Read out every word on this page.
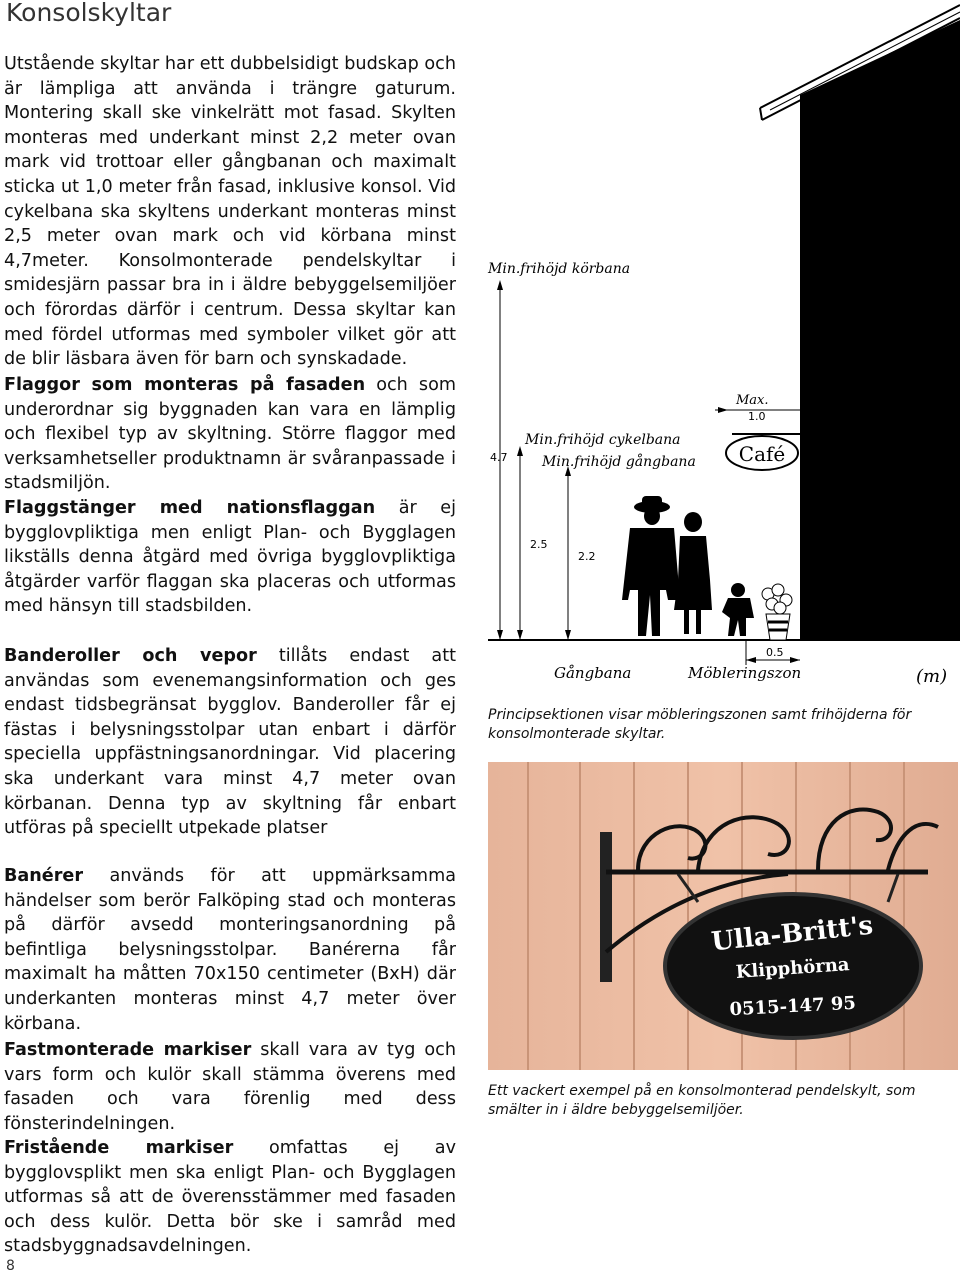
Konsolskyltar
Utstående skyltar har ett dubbelsidigt budskap och är lämpliga att använda i trängre gaturum. Montering skall ske vinkelrätt mot fasad. Skylten monteras med underkant minst 2,2 meter ovan mark vid trottoar eller gångbanan och maximalt sticka ut 1,0 meter från fasad, inklusive konsol. Vid cykelbana ska skyltens underkant monteras minst 2,5 meter ovan mark och vid körbana minst 4,7meter. Konsolmonterade pendelskyltar i smidesjärn passar bra in i äldre bebyggelsemiljöer och förordas därför i centrum. Dessa skyltar kan med fördel utformas med symboler vilket gör att de blir läsbara även för barn och synskadade.
Flaggor som monteras på fasaden och som underordnar sig byggnaden kan vara en lämplig och flexibel typ av skyltning. Större flaggor med verksamhetseller produktnamn är svåranpassade i stadsmiljön.
Flaggstänger med nationsflaggan är ej bygglovpliktiga men enligt Plan- och Bygglagen likställs denna åtgärd med övriga bygglovpliktiga åtgärder varför flaggan ska placeras och utformas med hänsyn till stadsbilden.
Banderoller och vepor tillåts endast att användas som evenemangsinformation och ges endast tidsbegränsat bygglov. Banderoller får ej fästas i belysningsstolpar utan enbart i därför speciella uppfästningsanordningar. Vid placering ska underkant vara minst 4,7 meter ovan körbanan. Denna typ av skyltning får enbart utföras på speciellt utpekade platser
Banérer används för att uppmärksamma händelser som berör Falköping stad och monteras på därför avsedd monteringsanordning på befintliga belysningsstolpar. Banérerna får maximalt ha måtten 70x150 centimeter (BxH) där underkanten monteras minst 4,7 meter över körbana.
Fastmonterade markiser skall vara av tyg och vars form och kulör skall stämma överens med fasaden och vara förenlig med dess fönsterindelningen.
Fristående markiser omfattas ej av bygglovsplikt men ska enligt Plan- och Bygglagen utformas så att de överensstämmer med fasaden och dess kulör. Detta bör ske i samråd med stadsbyggnadsavdelningen.
8
4.7
Min.frihöjd körbana
2.5
Min.frihöjd cykelbana
2.2
Min.frihöjd gångbana
Max.
1.0
Café
0.5
Gångbana	Möbleringszon	(m)
Principsektionen visar möbleringszonen samt frihöjderna för konsolmonterade skyltar.
Ulla-Britt's
Klipphörna
0515-147 95
Ett vackert exempel på en konsolmonterad pendelskylt, som smälter in i äldre bebyggelsemiljöer.
